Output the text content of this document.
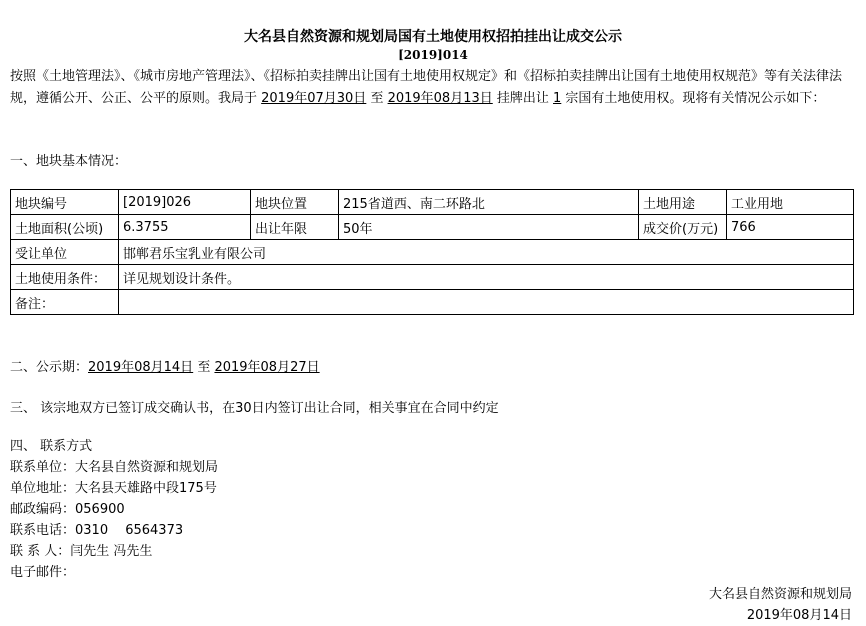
大名县自然资源和规划局国有土地使用权招拍挂出让成交公示
[2019]014
按照《土地管理法》、《城市房地产管理法》、《招标拍卖挂牌出让国有土地使用权规定》和《招标拍卖挂牌出让国有土地使用权规范》等有关法律法规，遵循公开、公正、公平的原则。我局于 2019年07月30日 至 2019年08月13日 挂牌出让 1 宗国有土地使用权。现将有关情况公示如下：
一、地块基本情况：
地块编号	[2019]026	地块位置	215省道西、南二环路北	土地用途	工业用地
土地面积(公顷)	6.3755	出让年限	50年	成交价(万元)	766
受让单位	邯郸君乐宝乳业有限公司				
土地使用条件：	详见规划设计条件。				
备注：					
二、公示期：2019年08月14日 至 2019年08月27日
三、 该宗地双方已签订成交确认书，在30日内签订出让合同，相关事宜在合同中约定
四、 联系方式
联系单位：大名县自然资源和规划局
单位地址：大名县天雄路中段175号
邮政编码：056900
联系电话：0310　 6564373
联 系 人：闫先生 冯先生
电子邮件：
大名县自然资源和规划局
2019年08月14日
